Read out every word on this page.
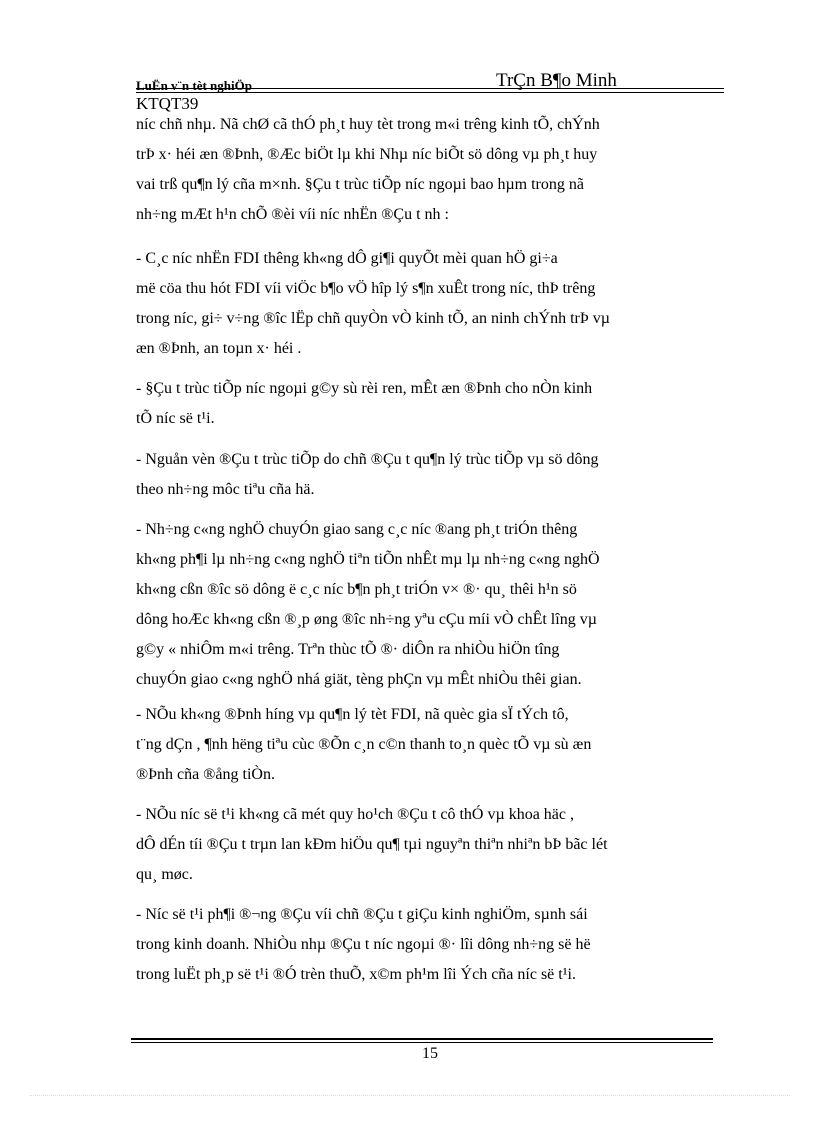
LuËn v¨n tèt nghiÖp	TrÇn B¶o Minh
KTQT39
níc chñ nhµ. Nã chØ cã thÓ ph¸t huy tèt trong m«i trêng kinh tÕ, chÝnh
trÞ x· héi æn ®Þnh, ®Æc biÖt lµ khi Nhµ níc biÕt sö dông vµ ph¸t huy
vai trß qu¶n lý cña m×nh. §Çu t trùc tiÕp níc ngoµi bao hµm trong nã
nh÷ng mÆt h¹n chÕ ®èi víi níc nhËn ®Çu t nh :
- C¸c níc nhËn FDI thêng kh«ng dÔ gi¶i quyÕt mèi quan hÖ gi÷a
më cöa thu hót FDI víi viÖc b¶o vÖ hîp lý s¶n xuÊt trong níc, thÞ trêng
trong níc, gi÷ v÷ng ®îc lËp chñ quyÒn vÒ kinh tÕ, an ninh chÝnh trÞ vµ
æn ®Þnh, an toµn x· héi .
- §Çu t trùc tiÕp níc ngoµi g©y sù rèi ren, mÊt æn ®Þnh cho nÒn kinh
tÕ níc së t¹i.
- Nguån vèn ®Çu t trùc tiÕp do chñ ®Çu t qu¶n lý trùc tiÕp vµ sö dông
theo nh÷ng môc tiªu cña hä.
- Nh÷ng c«ng nghÖ chuyÓn giao sang c¸c níc ®ang ph¸t triÓn thêng
kh«ng ph¶i lµ nh÷ng c«ng nghÖ tiªn tiÕn nhÊt mµ lµ nh÷ng c«ng nghÖ
kh«ng cßn ®îc sö dông ë c¸c níc b¶n ph¸t triÓn v× ®· qu¸ thêi h¹n sö
dông hoÆc kh«ng cßn ®¸p øng ®îc nh÷ng yªu cÇu míi vÒ chÊt lîng vµ
g©y « nhiÔm m«i trêng. Trªn thùc tÕ ®· diÔn ra nhiÒu hiÖn tîng
chuyÓn giao c«ng nghÖ nhá giät, tèng phÇn vµ mÊt nhiÒu thêi gian.
- NÕu kh«ng ®Þnh híng vµ qu¶n lý tèt FDI, nã quèc gia sÏ tÝch tô,
t¨ng dÇn , ¶nh hëng tiªu cùc ®Õn c¸n c©n thanh to¸n quèc tÕ vµ sù æn
®Þnh cña ®ång tiÒn.
- NÕu níc së t¹i kh«ng cã mét quy ho¹ch ®Çu t cô thÓ vµ khoa häc ,
dÔ dÉn tíi ®Çu t trµn lan kÐm hiÖu qu¶ tµi nguyªn thiªn nhiªn bÞ bãc lét
qu¸ møc.
- Níc së t¹i ph¶i ®¬ng ®Çu víi chñ ®Çu t giÇu kinh nghiÖm, sµnh sái
trong kinh doanh. NhiÒu nhµ ®Çu t níc ngoµi ®· lîi dông nh÷ng së hë
trong luËt ph¸p së t¹i ®Ó trèn thuÕ, x©m ph¹m lîi Ých cña níc së t¹i.
15
